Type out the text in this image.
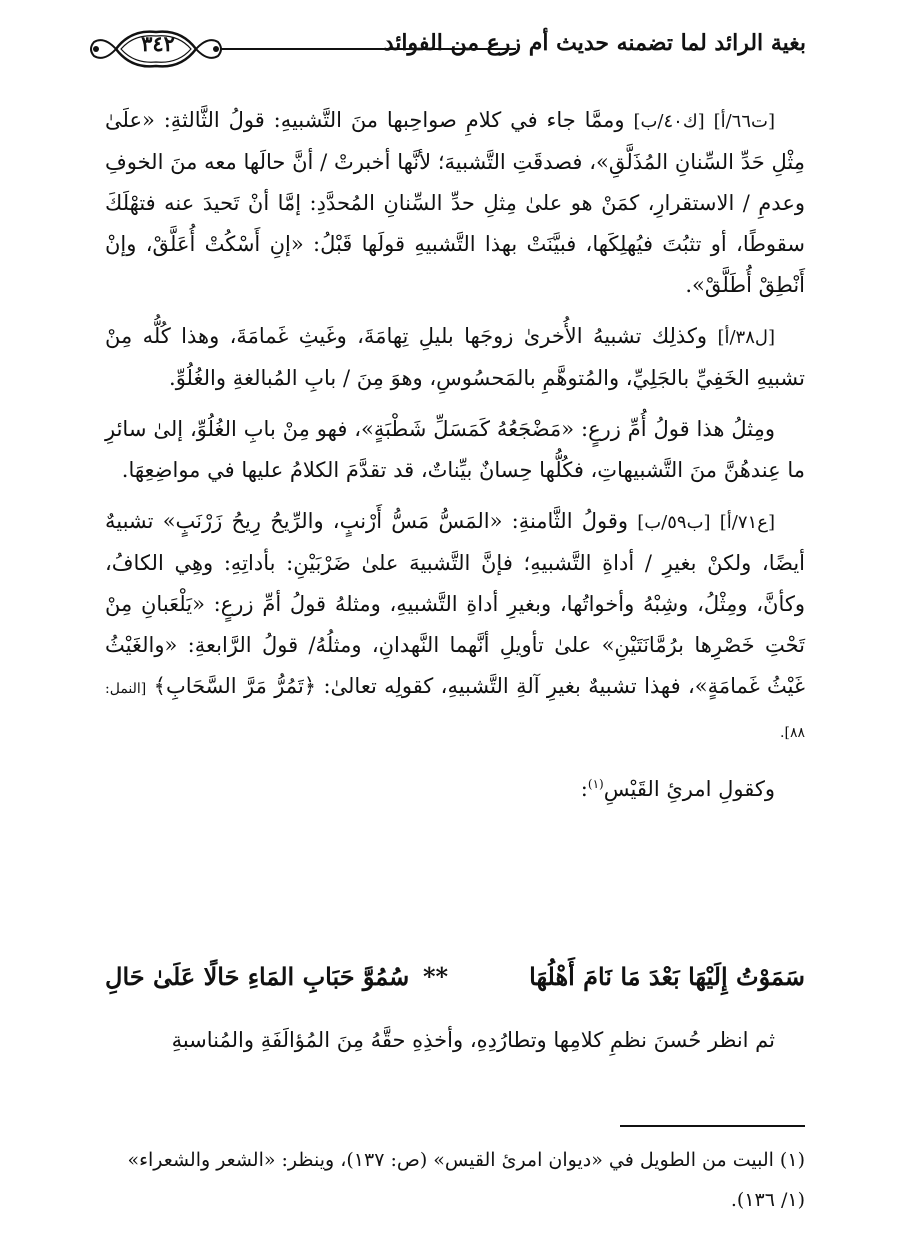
٣٤٢	بغية الرائد لما تضمنه حديث أم زرع من الفوائد

[ت٦٦/أ] [ك٤٠/ب] وممَّا جاء في كلامِ صواحِبها منَ التَّشبيهِ: قولُ الثَّالثةِ: «علَىٰ مِثْلِ حَدِّ السِّنانِ المُذَلَّقِ»، فصدقَتِ التَّشبيهَ؛ لأنَّها أخبرتْ / أنَّ حالَها معه منَ الخوفِ وعدمِ / الاستقرارِ، كمَنْ هو علىٰ مِثلِ حدِّ السِّنانِ المُحدَّدِ: إمَّا أنْ تَحيدَ عنه فتهْلَكَ سقوطًا، أو تثبُتَ فيُهلِكَها، فبيَّنَتْ بهذا التَّشبيهِ قولَها قَبْلُ: «إنِ أَسْكُتْ أُعَلَّقْ، وإنْ أَنْطِقْ أُطَلَّقْ».

[ل٣٨/أ] وكذلِك تشبيهُ الأُخرىٰ زوجَها بليلِ تِهامَةَ، وغَيثِ غَمامَةَ، وهذا كُلُّه مِنْ تشبيهِ الخَفِيِّ بالجَلِيِّ، والمُتوهَّمِ بالمَحسُوسِ، وهوَ مِنَ / بابِ المُبالغةِ والغُلُوِّ.

ومِثلُ هذا قولُ أُمِّ زرعٍ: «مَضْجَعُهُ كَمَسَلِّ شَطْبَةٍ»، فهو مِنْ بابِ الغُلُوِّ، إلىٰ سائرِ ما عِندهُنَّ منَ التَّشبيهاتِ، فكُلُّها حِسانٌ بيِّناتٌ، قد تقدَّمَ الكلامُ عليها في مواضِعِهَا.

[ع٧١/أ] [ب٥٩/ب] وقولُ الثَّامنةِ: «المَسُّ مَسُّ أَرْنبٍ، والرِّيحُ رِيحُ زَرْنَبٍ» تشبيهٌ أيضًا، ولكنْ بغيرِ / أداةِ التَّشبيهِ؛ فإنَّ التَّشبيهَ علىٰ ضَرْبَيْنِ: بأداتِهِ: وهِي الكافُ، وكأنَّ، ومِثْلُ، وشِبْهُ وأخواتُها، وبغيرِ أداةِ التَّشبيهِ، ومثلهُ قولُ أمِّ زرعٍ: «يَلْعَبانِ مِنْ تَحْتِ خَصْرِها برُمَّانَتَيْنِ» علىٰ تأويلِ أنَّهما النَّهدانِ، ومثلُهُ/ قولُ الرَّابعةِ: «والغَيْثُ غَيْثُ غَمامَةٍ»، فهذا تشبيهٌ بغيرِ آلةِ التَّشبيهِ، كقولِه تعالىٰ: ﴿تَمُرُّ مَرَّ السَّحَابِ﴾ [النمل: ٨٨].

وكقولِ امرئِ القَيْسِ$^{(١)}$:

سَمَوْتُ إِلَيْهَا بَعْدَ مَا نَامَ أَهْلُهَا
**
سُمُوَّ حَبَابِ المَاءِ حَالًا عَلَىٰ حَالِ
ثم انظر حُسنَ نظمِ كلامِها وتطارُدِهِ، وأخذِهِ حقَّهُ مِنَ المُؤالَفَةِ والمُناسبةِ
(١) البيت من الطويل في «ديوان امرئ القيس» (ص: ١٣٧)، وينظر: «الشعر والشعراء» (١/ ١٣٦).
